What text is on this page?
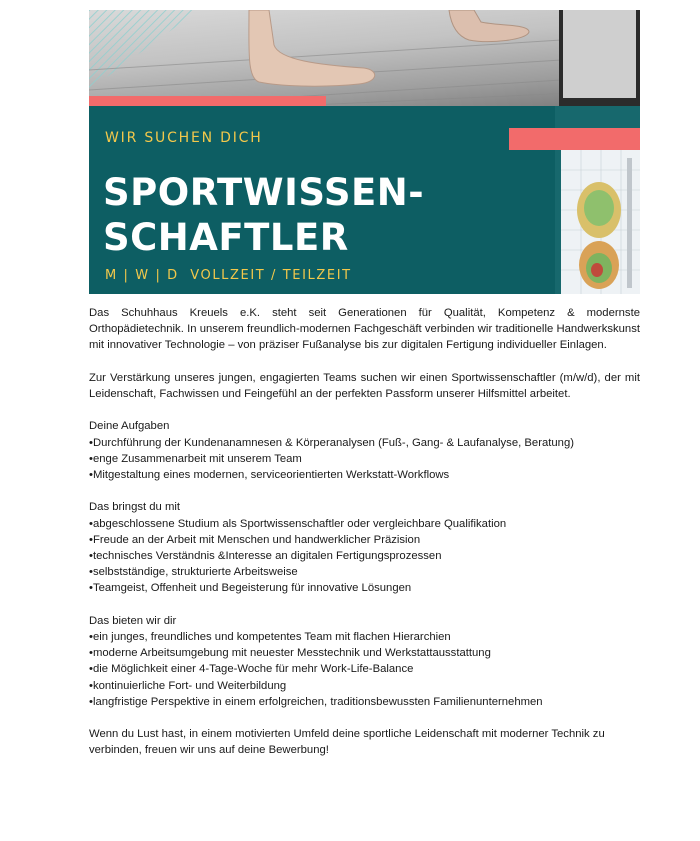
WIR SUCHEN DICH
SPORTWISSEN-
SCHAFTLER
M | W | D  VOLLZEIT / TEILZEIT

Das Schuhhaus Kreuels e.K. steht seit Generationen für Qualität, Kompetenz & modernste Orthopädietechnik. In unserem freundlich-modernen Fachgeschäft verbinden wir traditionelle Handwerkskunst mit innovativer Technologie – von präziser Fußanalyse bis zur digitalen Fertigung individueller Einlagen.

Zur Verstärkung unseres jungen, engagierten Teams suchen wir einen Sportwissenschaftler (m/w/d), der mit Leidenschaft, Fachwissen und Feingefühl an der perfekten Passform unserer Hilfsmittel arbeitet.

Deine Aufgaben

• Durchführung der Kundenanamnesen & Körperanalysen (Fuß-, Gang- & Laufanalyse, Beratung)
• enge Zusammenarbeit mit unserem Team
• Mitgestaltung eines modernen, serviceorientierten Werkstatt-Workflows

Das bringst du mit

• abgeschlossene Studium als Sportwissenschaftler oder vergleichbare Qualifikation
• Freude an der Arbeit mit Menschen und handwerklicher Präzision
• technisches Verständnis &Interesse an digitalen Fertigungsprozessen
• selbstständige, strukturierte Arbeitsweise
• Teamgeist, Offenheit und Begeisterung für innovative Lösungen

Das bieten wir dir

• ein junges, freundliches und kompetentes Team mit flachen Hierarchien
• moderne Arbeitsumgebung mit neuester Messtechnik und Werkstattausstattung
• die Möglichkeit einer 4-Tage-Woche für mehr Work-Life-Balance
• kontinuierliche Fort- und Weiterbildung
• langfristige Perspektive in einem erfolgreichen, traditionsbewussten Familienunternehmen

Wenn du Lust hast, in einem motivierten Umfeld deine sportliche Leidenschaft mit moderner Technik zu verbinden, freuen wir uns auf deine Bewerbung!
